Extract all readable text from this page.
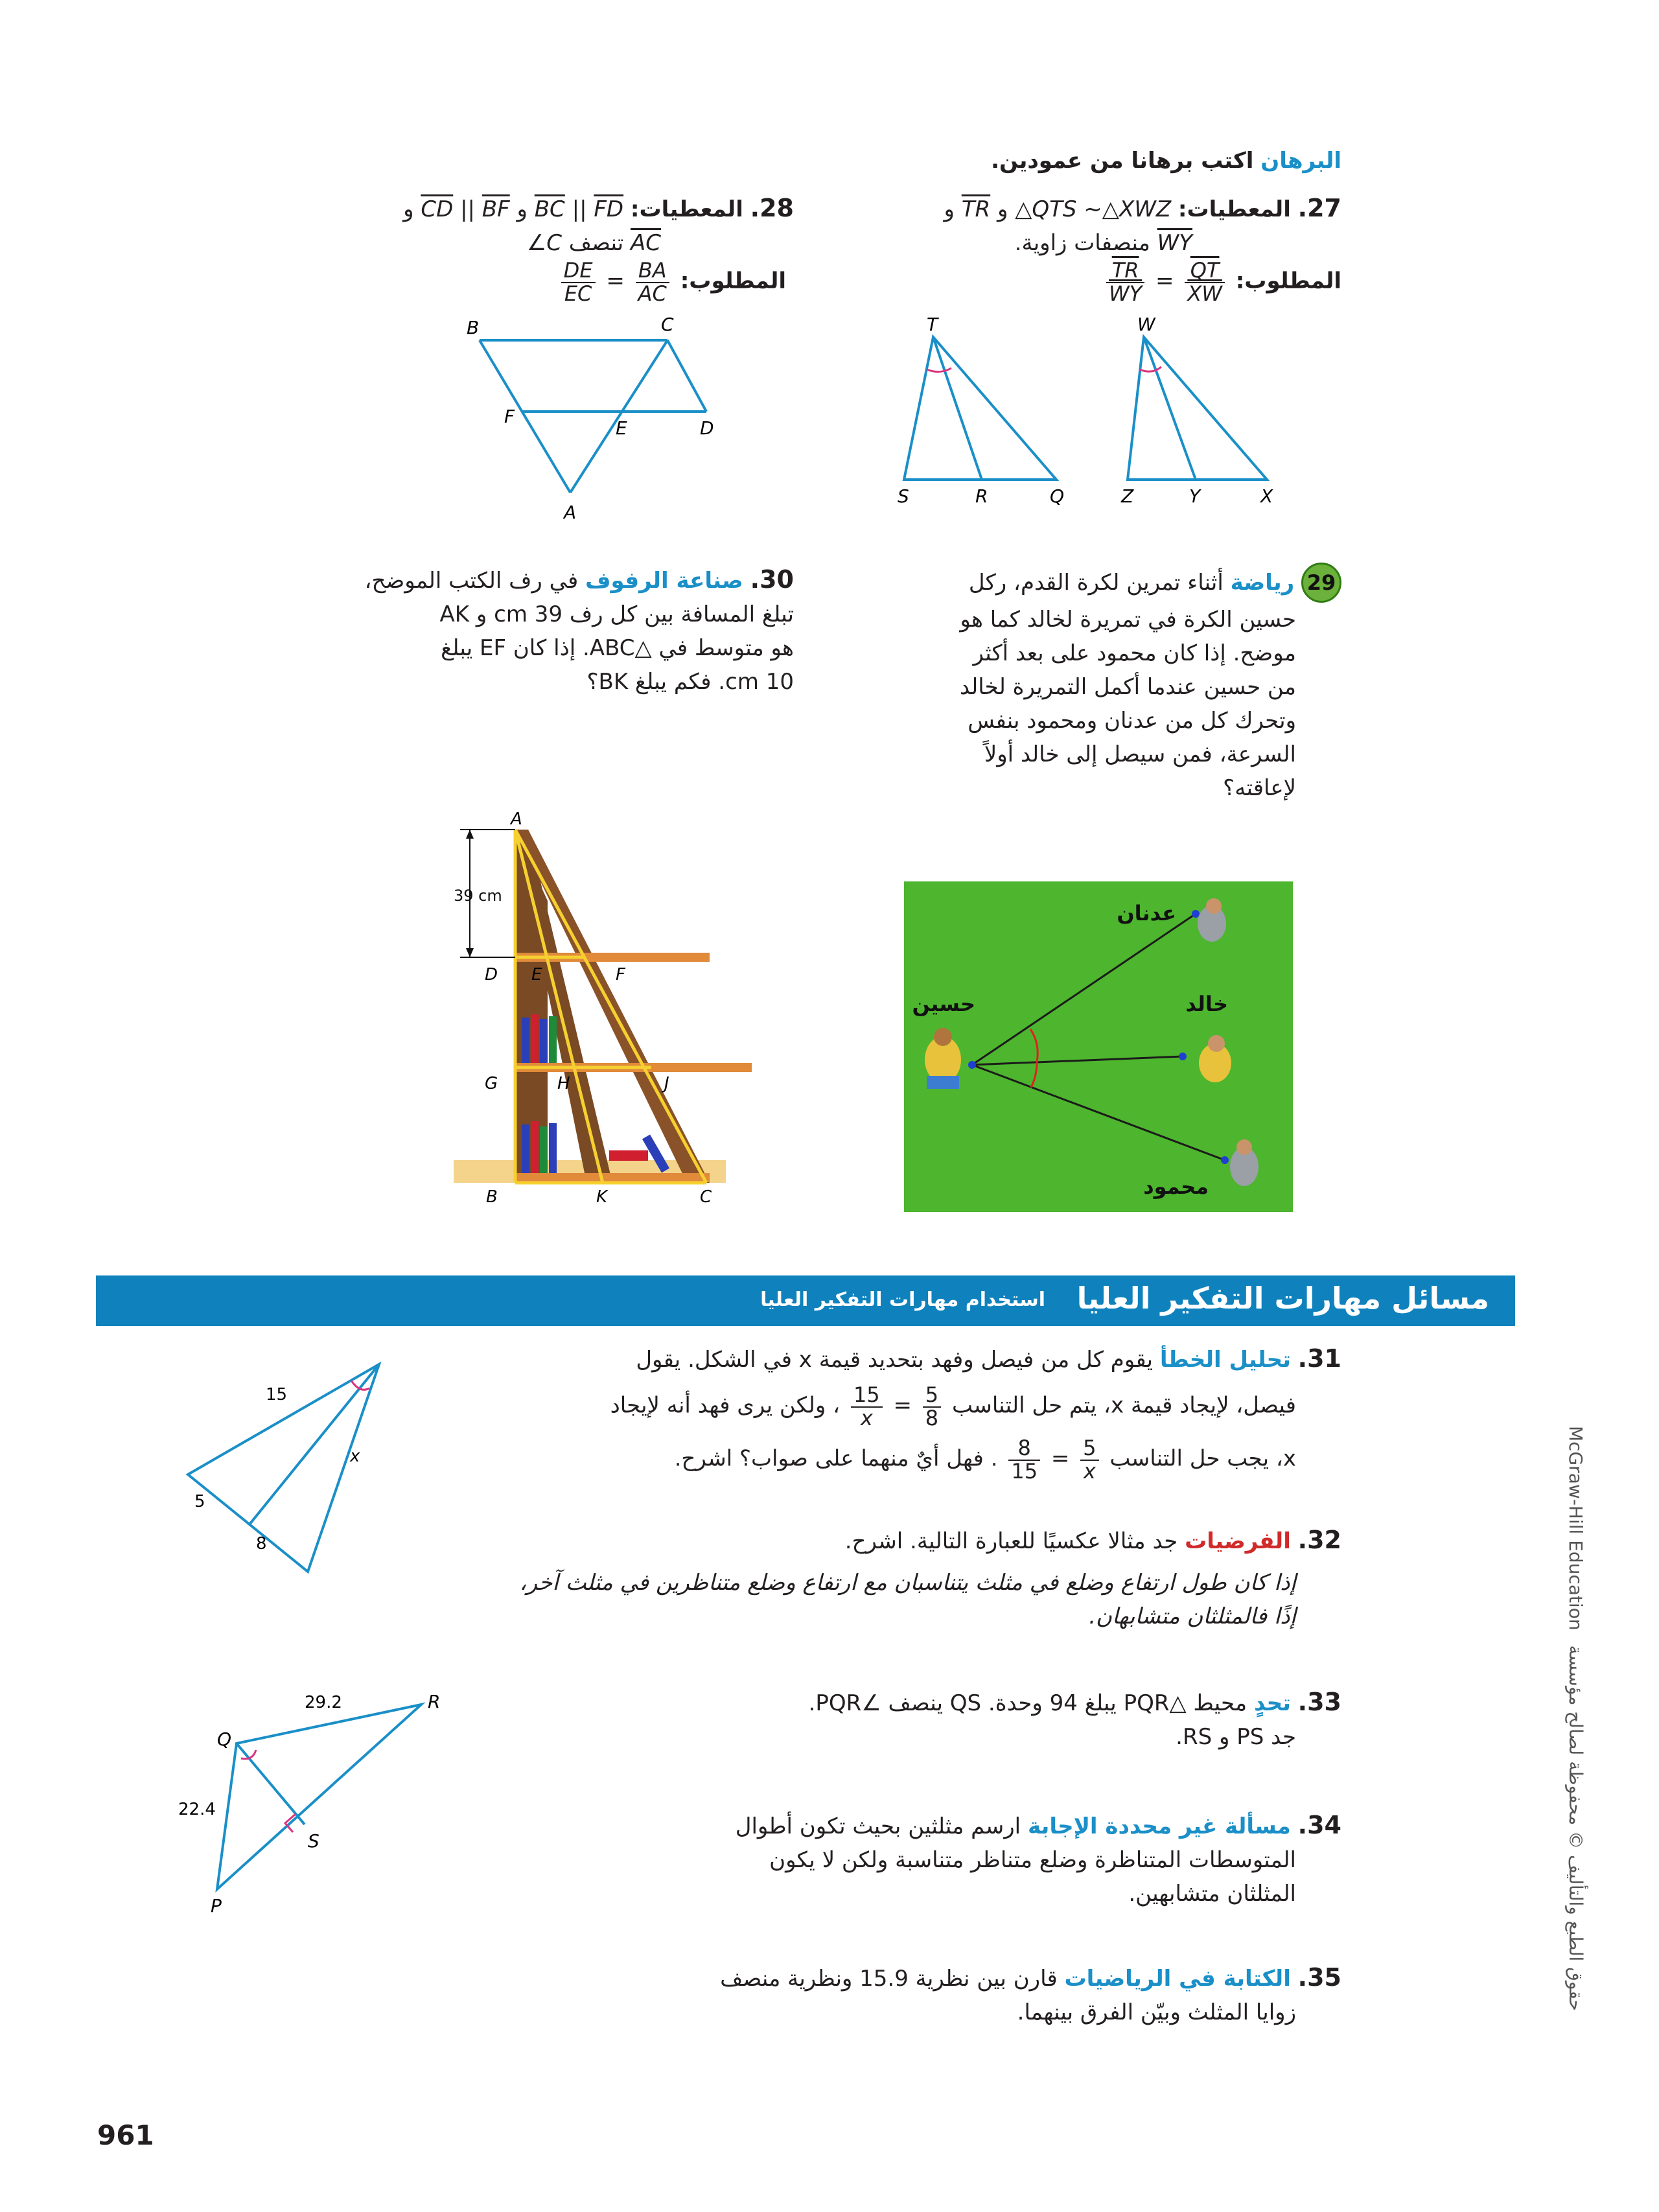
البرهان اكتب برهانا من عمودين.
27. المعطيات: △QTS ~△XWZ و $\overline{TR}$ و
$\overline{WY}$ منصفات زاوية.
المطلوب:
$\frac{\overline{TR}}{WY} = \frac{\overline{QT}}{XW}$
T
S	R	Q
W
Z	Y	X
28. المعطيات: $\overline{BC}$ || $\overline{FD}$ و $\overline{CD}$ || $\overline{BF}$ و
$\overline{AC}$ تنصف ∠C
المطلوب:
$\frac{DE}{EC} = \frac{BA}{AC}$
B	C
F
E	D
A
29 رياضة أثناء تمرين لكرة القدم، ركل
حسين الكرة في تمريرة لخالد كما هو
موضح. إذا كان محمود على بعد أكثر
من حسين عندما أكمل التمريرة لخالد
وتحرك كل من عدنان ومحمود بنفس
السرعة، فمن سيصل إلى خالد أولاً
لإعاقته؟
عدنان
حسين	خالد
محمود
30. صناعة الرفوف في رف الكتب الموضح،
تبلغ المسافة بين كل رف 39 cm و AK
هو متوسط في △ABC. إذا كان EF يبلغ
10 cm. فكم يبلغ BK؟
39 cm
A
D E	F
G	H	J
B	K	C
مسائل مهارات التفكير العليا
استخدام مهارات التفكير العليا
31. تحليل الخطأ يقوم كل من فيصل وفهد بتحديد قيمة x في الشكل. يقول
فيصل، لإيجاد قيمة x، يتم حل التناسب
$\frac{15}{x} = \frac{5}{8}$
، ولكن يرى فهد أنه لإيجاد
x، يجب حل التناسب
$\frac{8}{15} = \frac{5}{x}$
. فهل أيٌ منهما على صواب؟ اشرح.
15
5
8
x
32. الفرضيات جد مثالا عكسيًا للعبارة التالية. اشرح.
إذا كان طول ارتفاع وضلع في مثلث يتناسبان مع ارتفاع وضلع متناظرين في مثلث آخر،
إذًا فالمثلثان متشابهان.
33. تحدٍ محيط △PQR يبلغ 94 وحدة. QS ينصف ∠PQR.
جد PS و RS.
29.2
22.4
Q
R
S
P
34. مسألة غير محددة الإجابة ارسم مثلثين بحيث تكون أطوال
المتوسطات المتناظرة وضلع متناظر متناسبة ولكن لا يكون
المثلثان متشابهين.
35. الكتابة في الرياضيات قارن بين نظرية 15.9 ونظرية منصف
زوايا المثلث وبيّن الفرق بينهما.
McGraw-Hill Education حقوق الطبع والتأليف © محفوظة لصالح مؤسسة
961
